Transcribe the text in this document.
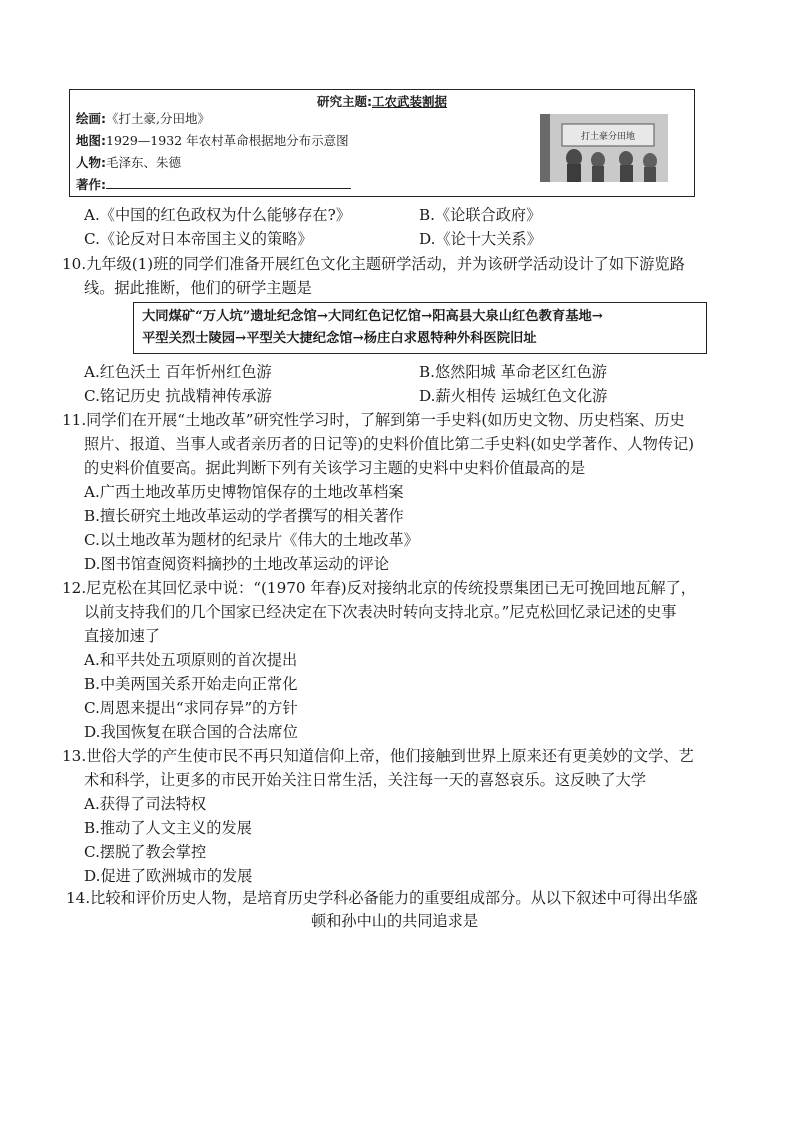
研究主题:工农武装割据
绘画:《打土豪,分田地》
地图:1929—1932 年农村革命根据地分布示意图
人物:毛泽东、朱德
著作:
打土豪分田地
A.《中国的红色政权为什么能够存在?》	B.《论联合政府》
C.《论反对日本帝国主义的策略》	D.《论十大关系》
10.九年级(1)班的同学们准备开展红色文化主题研学活动，并为该研学活动设计了如下游览路
线。据此推断，他们的研学主题是
大同煤矿“万人坑”遗址纪念馆→大同红色记忆馆→阳高县大泉山红色教育基地→
平型关烈士陵园→平型关大捷纪念馆→杨庄白求恩特种外科医院旧址
A.红色沃土 百年忻州红色游	B.悠然阳城 革命老区红色游
C.铭记历史 抗战精神传承游	D.薪火相传 运城红色文化游
11.同学们在开展“土地改革”研究性学习时，了解到第一手史料(如历史文物、历史档案、历史
照片、报道、当事人或者亲历者的日记等)的史料价值比第二手史料(如史学著作、人物传记)
的史料价值要高。据此判断下列有关该学习主题的史料中史料价值最高的是
A.广西土地改革历史博物馆保存的土地改革档案
B.擅长研究土地改革运动的学者撰写的相关著作
C.以土地改革为题材的纪录片《伟大的土地改革》
D.图书馆查阅资料摘抄的土地改革运动的评论
12.尼克松在其回忆录中说：“(1970 年春)反对接纳北京的传统投票集团已无可挽回地瓦解了，
以前支持我们的几个国家已经决定在下次表决时转向支持北京。”尼克松回忆录记述的史事
直接加速了
A.和平共处五项原则的首次提出
B.中美两国关系开始走向正常化
C.周恩来提出“求同存异”的方针
D.我国恢复在联合国的合法席位
13.世俗大学的产生使市民不再只知道信仰上帝，他们接触到世界上原来还有更美妙的文学、艺
术和科学，让更多的市民开始关注日常生活，关注每一天的喜怒哀乐。这反映了大学
A.获得了司法特权
B.推动了人文主义的发展
C.摆脱了教会掌控
D.促进了欧洲城市的发展
14.比较和评价历史人物，是培育历史学科必备能力的重要组成部分。从以下叙述中可得出华盛
顿和孙中山的共同追求是
